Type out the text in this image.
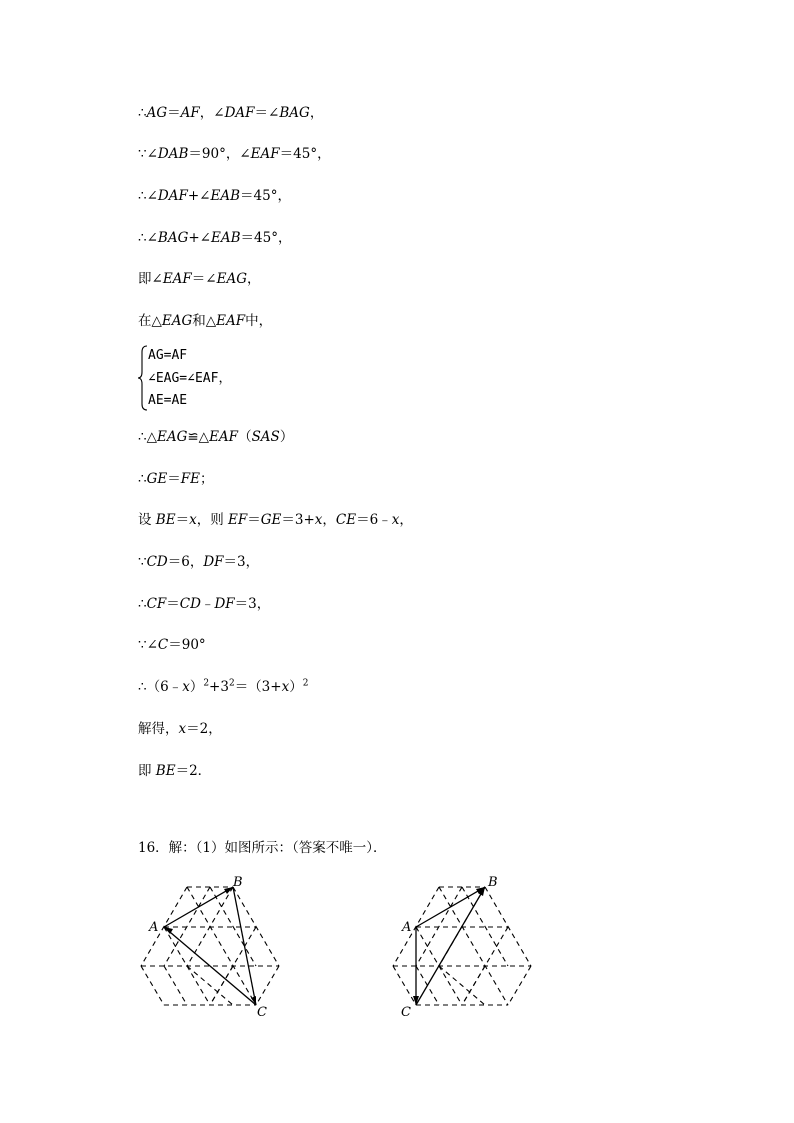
∴AG＝AF，∠DAF＝∠BAG，
∵∠DAB＝90°，∠EAF＝45°，
∴∠DAF+∠EAB＝45°，
∴∠BAG+∠EAB＝45°，
即∠EAF＝∠EAG，
在△EAG和△EAF中，
AG=AF
∠EAG=∠EAF，
AE=AE
∴△EAG≌△EAF（SAS）
∴GE＝FE；
设 BE＝x，则 EF＝GE＝3+x，CE＝6﹣x，
∵CD＝6，DF＝3，
∴CF＝CD﹣DF＝3，
∵∠C＝90°
$\therefore(6﹣x)^2+3^2=(3+x)^2$
解得，x＝2，
即 BE＝2．
16．解：（1）如图所示：（答案不唯一）．
A
B
C
A
B
C
